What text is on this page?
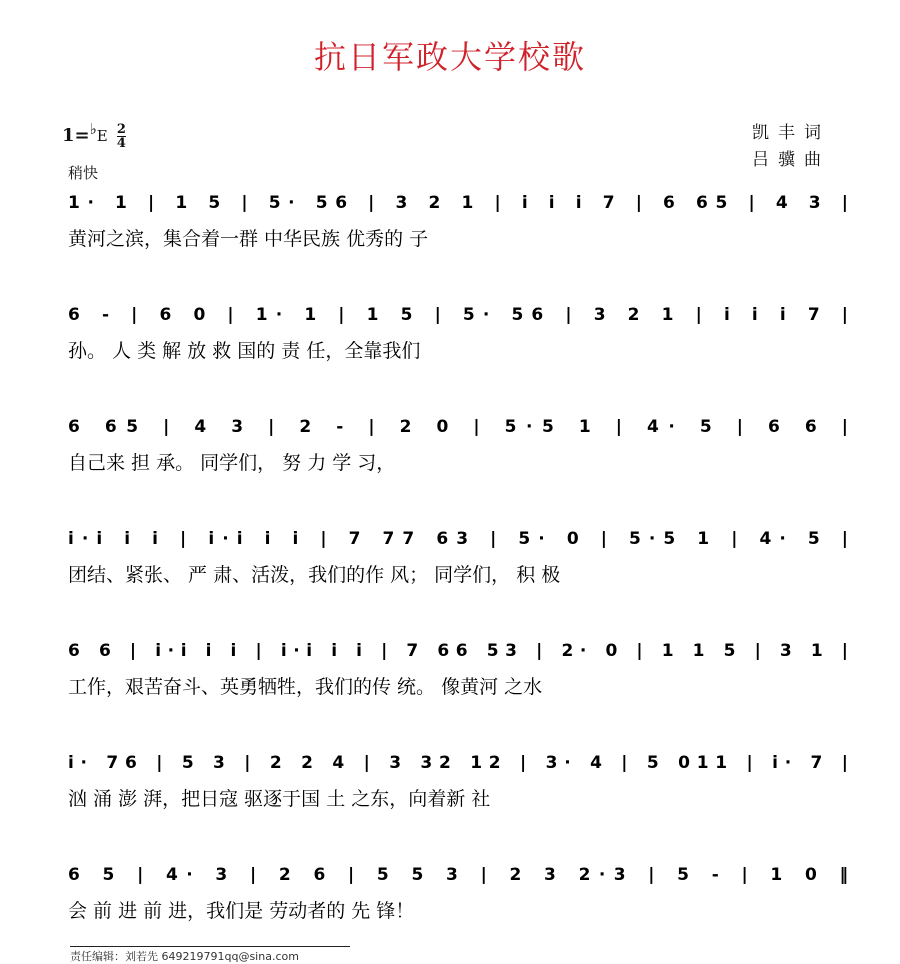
抗日军政大学校歌
$1=^♭E \frac{2}{4}$
稍快
凯丰词
吕骥曲
1· 1 | 1 5 | 5· 56 | 3 2 1 | i i i 7 | 6 65 | 4 3 |
黄河之滨，集合着一群 中华民族 优秀的 子
6 - | 6 0 | 1· 1 | 1 5 | 5· 56 | 3 2 1 | i i i 7 |
孙。 人 类 解 放 救 国的 责 任，全靠我们
6 65 | 4 3 | 2 - | 2 0 | 5·5 1 | 4· 5 | 6 6 |
自己来 担 承。 同学们， 努 力 学 习，
i·i i i | i·i i i | 7 77 63 | 5· 0 | 5·5 1 | 4· 5 |
团结、紧张、 严 肃、活泼，我们的作 风； 同学们， 积 极
6 6 | i·i i i | i·i i i | 7 66 53 | 2· 0 | 1 1 5 | 3 1 |
工作，艰苦奋斗、英勇牺牲，我们的传 统。 像黄河 之水
i· 76 | 5 3 | 2 2 4 | 3 32 12 | 3· 4 | 5 011 | i· 7 |
汹 涌 澎 湃，把日寇 驱逐于国 土 之东，向着新 社
6 5 | 4· 3 | 2 6 | 5 5 3 | 2 3 2·3 | 5 - | 1 0 ‖
会 前 进 前 进，我们是 劳动者的 先 锋！
责任编辑：刘若先 649219791qq@sina.com
